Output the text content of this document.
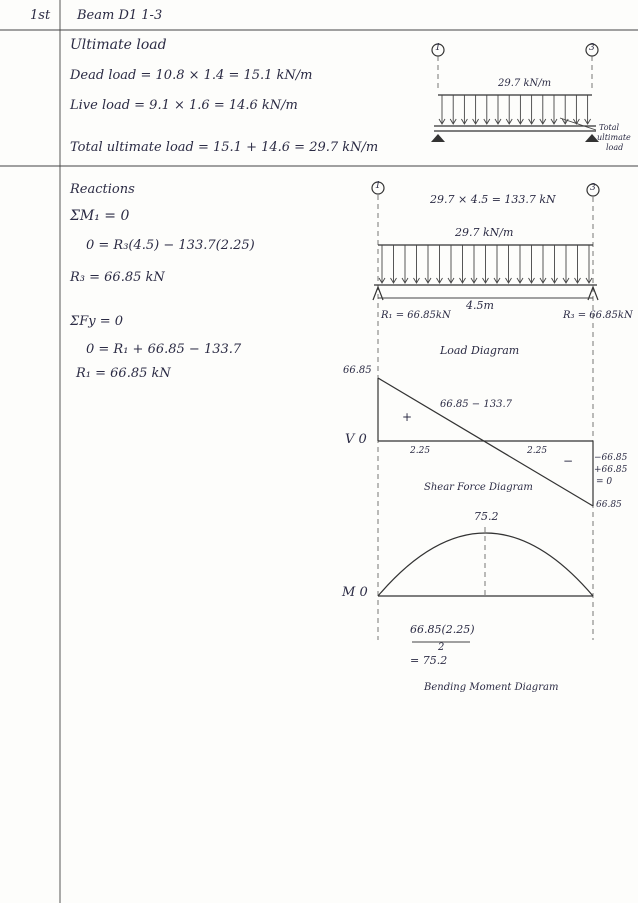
1st Beam D1 1-3
Ultimate load
Dead load = 10.8 × 1.4 = 15.1 kN/m
Live load = 9.1 × 1.6 = 14.6 kN/m
Total ultimate load = 15.1 + 14.6 = 29.7 kN/m
1	3
29.7 kN/m
Total
ultimate
load
Reactions
ΣM₁ = 0
0 = R₃(4.5) − 133.7(2.25)
R₃ = 66.85 kN
ΣFy = 0
0 = R₁ + 66.85 − 133.7
R₁ = 66.85 kN
1	3
29.7 × 4.5 = 133.7 kN
29.7 kN/m
4.5m
R₁ = 66.85kN	R₃ = 66.85kN
Load Diagram
66.85
66.85 − 133.7
+
−
V 0
2.25	2.25
−66.85
+66.85
= 0
66.85
Shear Force Diagram
75.2
M 0
66.85(2.25)
2
= 75.2
Bending Moment Diagram
